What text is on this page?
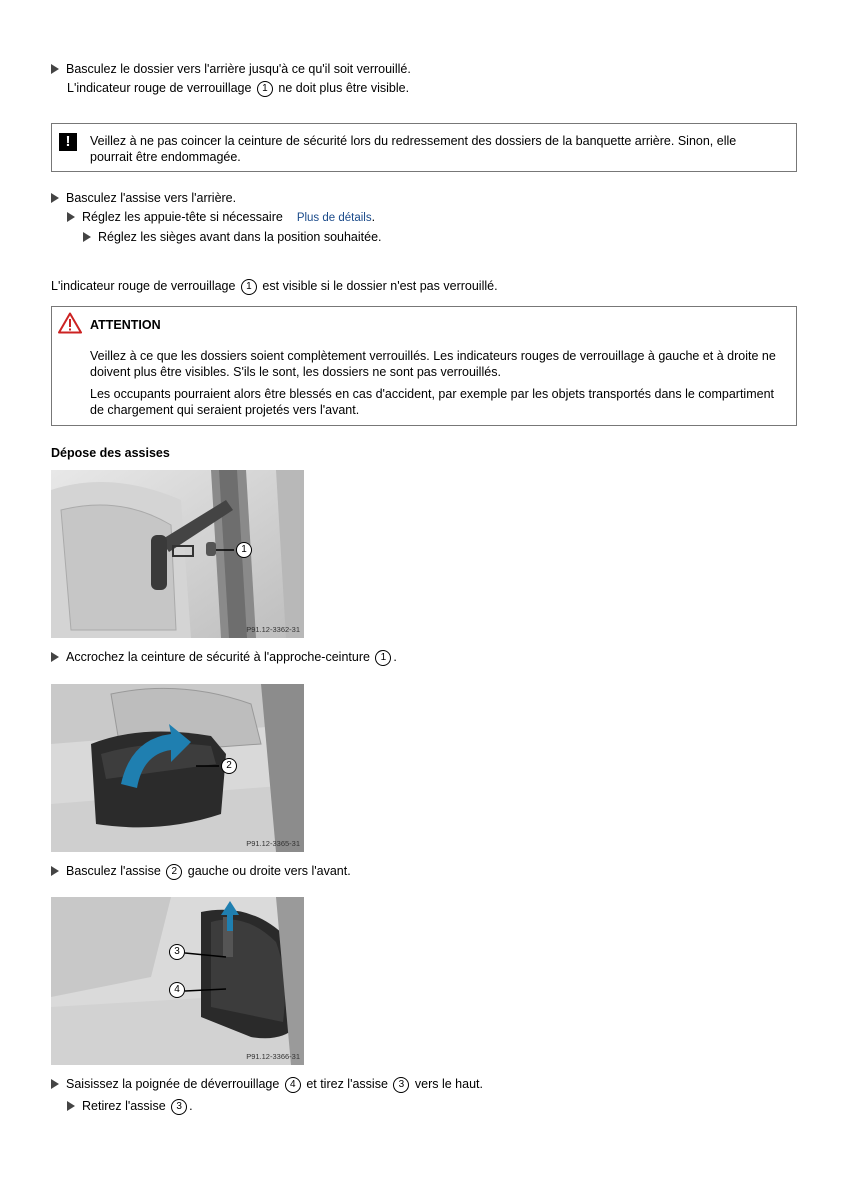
Basculez le dossier vers l'arrière jusqu'à ce qu'il soit verrouillé.
L'indicateur rouge de verrouillage 1 ne doit plus être visible.
!	Veillez à ne pas coincer la ceinture de sécurité lors du redressement des dossiers de la banquette arrière. Sinon, elle pourrait être endommagée.
Basculez l'assise vers l'arrière.
Réglez les appuie-tête si nécessaire Plus de détails.
Réglez les sièges avant dans la position souhaitée.
L'indicateur rouge de verrouillage 1 est visible si le dossier n'est pas verrouillé.
ATTENTION
Veillez à ce que les dossiers soient complètement verrouillés. Les indicateurs rouges de verrouillage à gauche et à droite ne doivent plus être visibles. S'ils le sont, les dossiers ne sont pas verrouillés.
Les occupants pourraient alors être blessés en cas d'accident, par exemple par les objets transportés dans le compartiment de chargement qui seraient projetés vers l'avant.
Dépose des assises
1
P91.12-3362-31
Accrochez la ceinture de sécurité à l'approche-ceinture 1 .
2
P91.12-3365-31
Basculez l'assise 2 gauche ou droite vers l'avant.
3
4
P91.12-3366-31
Saisissez la poignée de déverrouillage 4 et tirez l'assise 3 vers le haut.
Retirez l'assise 3 .
